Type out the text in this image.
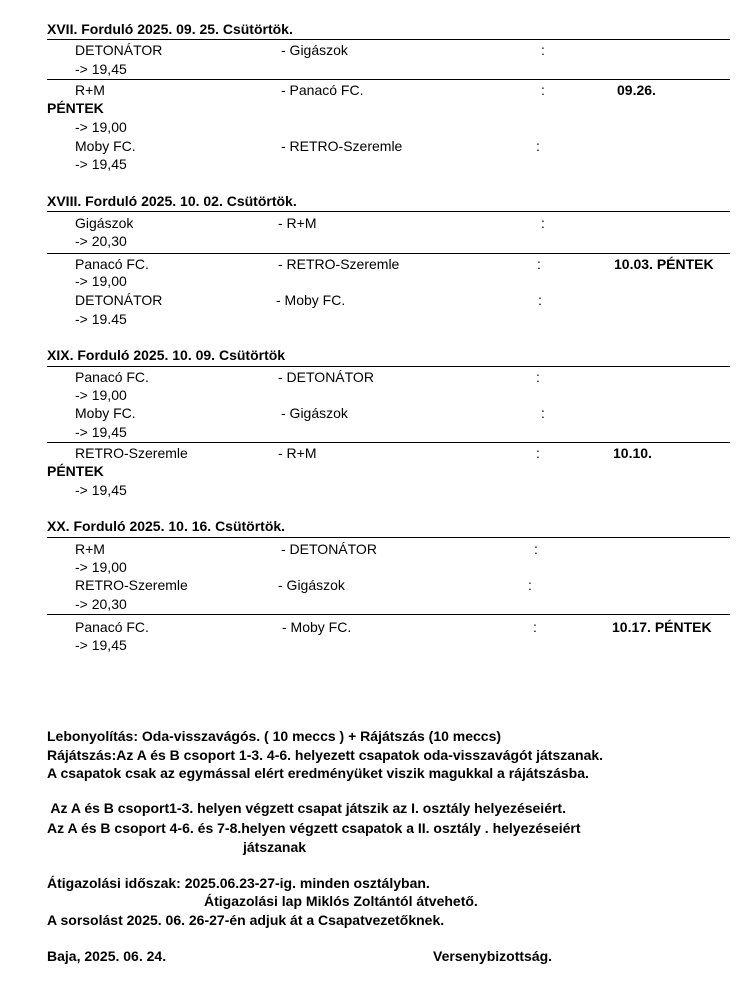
XVII. Forduló 2025. 09. 25. Csütörtök.
DETONÁTOR	- Gigászok	:
-> 19,45
R+M	- Panacó FC.	:	09.26.
PÉNTEK
-> 19,00
Moby FC.	- RETRO-Szeremle	:
-> 19,45
XVIII. Forduló 2025. 10. 02. Csütörtök.
Gigászok	- R+M	:
-> 20,30
Panacó FC.	- RETRO-Szeremle	:	10.03. PÉNTEK
-> 19,00
DETONÁTOR	- Moby FC.	:
-> 19.45
XIX. Forduló 2025. 10. 09. Csütörtök
Panacó FC.	- DETONÁTOR	:
-> 19,00
Moby FC.	- Gigászok	:
-> 19,45
RETRO-Szeremle	- R+M	:	10.10.
PÉNTEK
-> 19,45
XX. Forduló 2025. 10. 16. Csütörtök.
R+M	- DETONÁTOR	:
-> 19,00
RETRO-Szeremle	- Gigászok	:
-> 20,30
Panacó FC.	- Moby FC.	:	10.17. PÉNTEK
-> 19,45
Lebonyolítás: Oda-visszavágós. ( 10 meccs ) + Rájátszás (10 meccs)
Rájátszás:Az A és B csoport 1-3. 4-6. helyezett csapatok oda-visszavágót játszanak.
A csapatok csak az egymással elért eredményüket viszik magukkal a rájátszásba.
Az A és B csoport1-3. helyen végzett csapat játszik az I. osztály helyezéseiért.
Az A és B csoport 4-6. és 7-8.helyen végzett csapatok a II. osztály . helyezéseiért
játszanak
Átigazolási időszak: 2025.06.23-27-ig. minden osztályban.
Átigazolási lap Miklós Zoltántól átvehető.
A sorsolást 2025. 06. 26-27-én adjuk át a Csapatvezetőknek.
Baja, 2025. 06. 24.	Versenybizottság.
